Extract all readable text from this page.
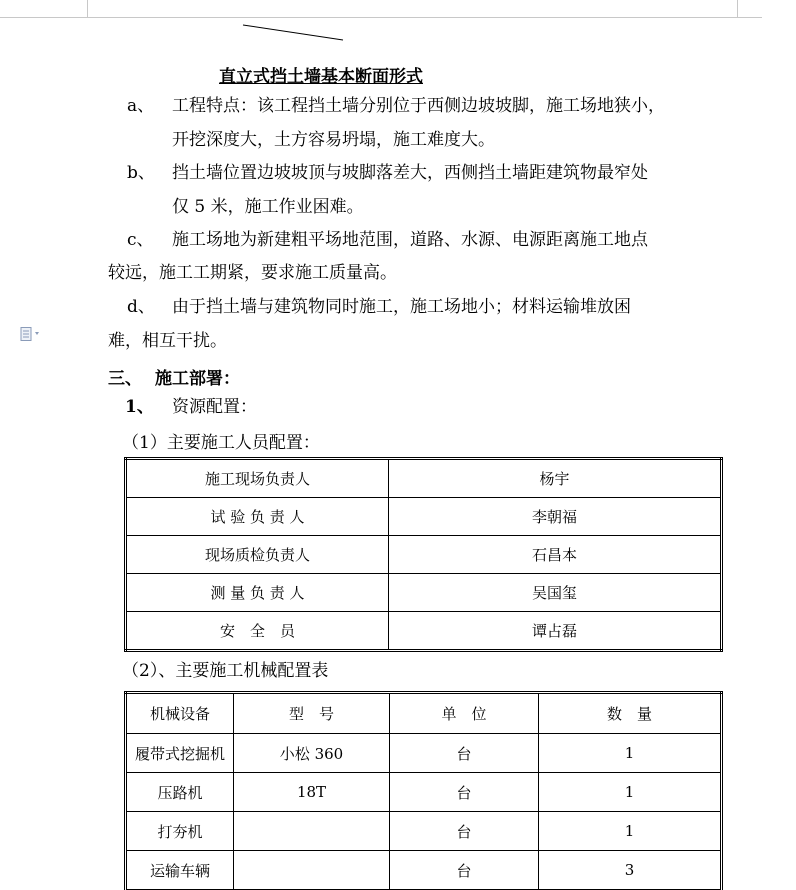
直立式挡土墙基本断面形式
a、 工程特点：该工程挡土墙分别位于西侧边坡坡脚，施工场地狭小，
开挖深度大，土方容易坍塌，施工难度大。
b、 挡土墙位置边坡坡顶与坡脚落差大，西侧挡土墙距建筑物最窄处
仅 5 米，施工作业困难。
c、 施工场地为新建粗平场地范围，道路、水源、电源距离施工地点
较远，施工工期紧，要求施工质量高。
d、 由于挡土墙与建筑物同时施工，施工场地小；材料运输堆放困
难，相互干扰。
三、 施工部署：
1、 资源配置：
（1）主要施工人员配置：
施工现场负责人	杨宇
试 验 负 责 人	李朝福
现场质检负责人	石昌本
测 量 负 责 人	吴国玺
安　全　员	谭占磊
（2）、主要施工机械配置表
机械设备	型　号	单　位	数　量
履带式挖掘机	小松 360	台	1
压路机	18T	台	1
打夯机		台	1
运输车辆		台	3
